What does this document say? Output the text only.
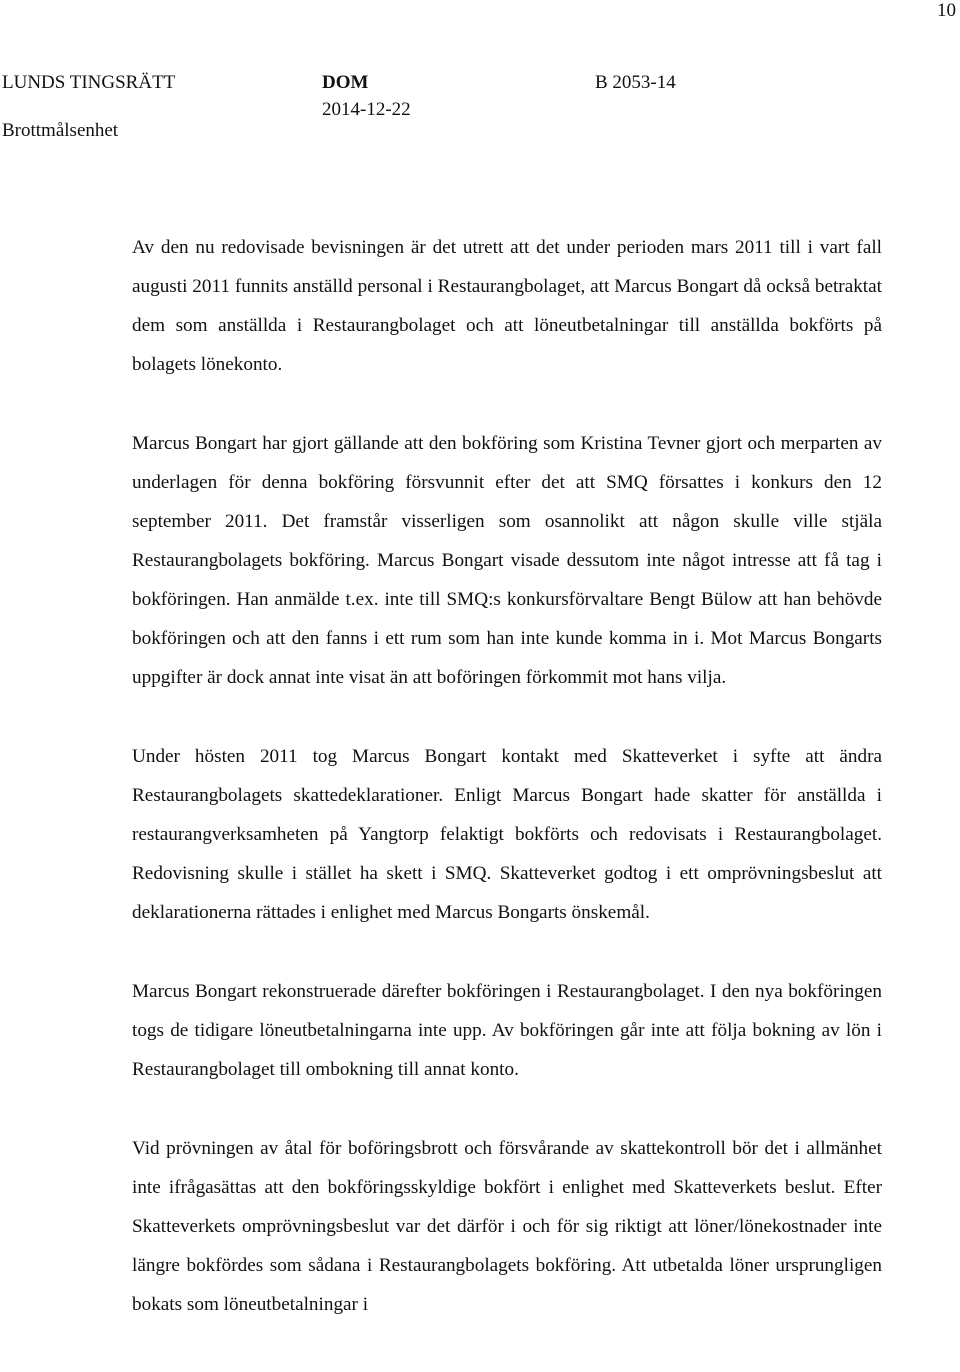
10
LUNDS TINGSRÄTT
Brottmålsenhet
DOM
2014-12-22
B 2053-14

Av den nu redovisade bevisningen är det utrett att det under perioden mars 2011 till i vart fall augusti 2011 funnits anställd personal i Restaurangbolaget, att Marcus Bongart då också betraktat dem som anställda i Restaurangbolaget och att löneutbetalningar till anställda bokförts på bolagets lönekonto.

Marcus Bongart har gjort gällande att den bokföring som Kristina Tevner gjort och merparten av underlagen för denna bokföring försvunnit efter det att SMQ försattes i konkurs den 12 september 2011. Det framstår visserligen som osannolikt att någon skulle ville stjäla Restaurangbolagets bokföring. Marcus Bongart visade dessutom inte något intresse att få tag i bokföringen. Han anmälde t.ex. inte till SMQ:s konkursförvaltare Bengt Bülow att han behövde bokföringen och att den fanns i ett rum som han inte kunde komma in i. Mot Marcus Bongarts uppgifter är dock annat inte visat än att boföringen förkommit mot hans vilja.

Under hösten 2011 tog Marcus Bongart kontakt med Skatteverket i syfte att ändra Restaurangbolagets skattedeklarationer. Enligt Marcus Bongart hade skatter för anställda i restaurangverksamheten på Yangtorp felaktigt bokförts och redovisats i Restaurangbolaget. Redovisning skulle i stället ha skett i SMQ. Skatteverket godtog i ett omprövningsbeslut att deklarationerna rättades i enlighet med Marcus Bongarts önskemål.

Marcus Bongart rekonstruerade därefter bokföringen i Restaurangbolaget. I den nya bokföringen togs de tidigare löneutbetalningarna inte upp. Av bokföringen går inte att följa bokning av lön i Restaurangbolaget till ombokning till annat konto.

Vid prövningen av åtal för boföringsbrott och försvårande av skattekontroll bör det i allmänhet inte ifrågasättas att den bokföringsskyldige bokfört i enlighet med Skatteverkets beslut. Efter Skatteverkets omprövningsbeslut var det därför i och för sig riktigt att löner/lönekostnader inte längre bokfördes som sådana i Restaurangbolagets bokföring. Att utbetalda löner ursprungligen bokats som löneutbetalningar i
